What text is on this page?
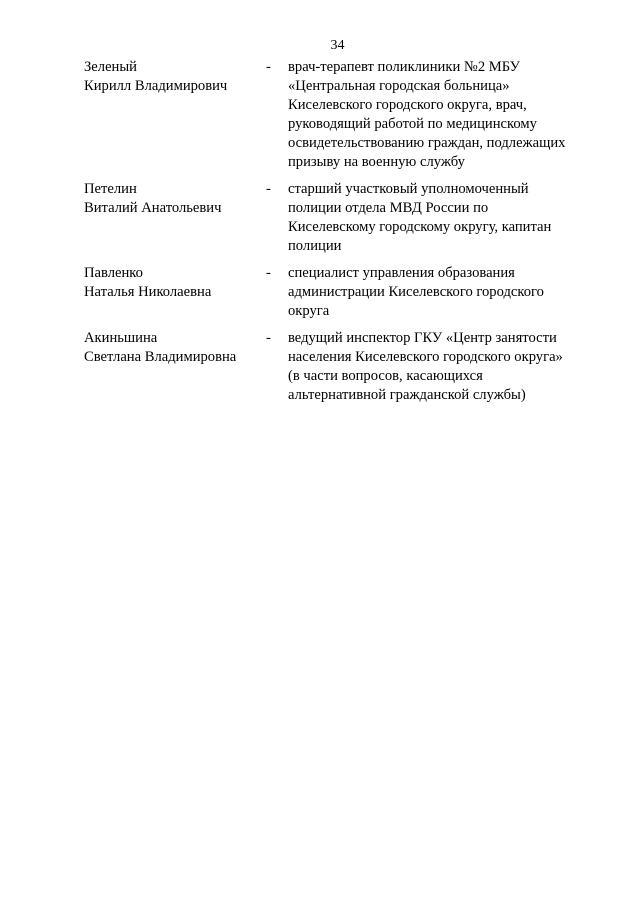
34
Зеленый
Кирилл Владимирович
-	врач-терапевт поликлиники №2 МБУ
«Центральная городская больница»
Киселевского городского округа, врач,
руководящий работой по медицинскому
освидетельствованию граждан, подлежащих
призыву на военную службу
Петелин
Виталий Анатольевич
-	старший участковый уполномоченный
полиции отдела МВД России по
Киселевскому городскому округу, капитан
полиции
Павленко
Наталья Николаевна
-	специалист управления образования
администрации Киселевского городского
округа
Акиньшина
Светлана Владимировна
-	ведущий инспектор ГКУ «Центр занятости
населения Киселевского городского округа»
(в части вопросов, касающихся
альтернативной гражданской службы)
